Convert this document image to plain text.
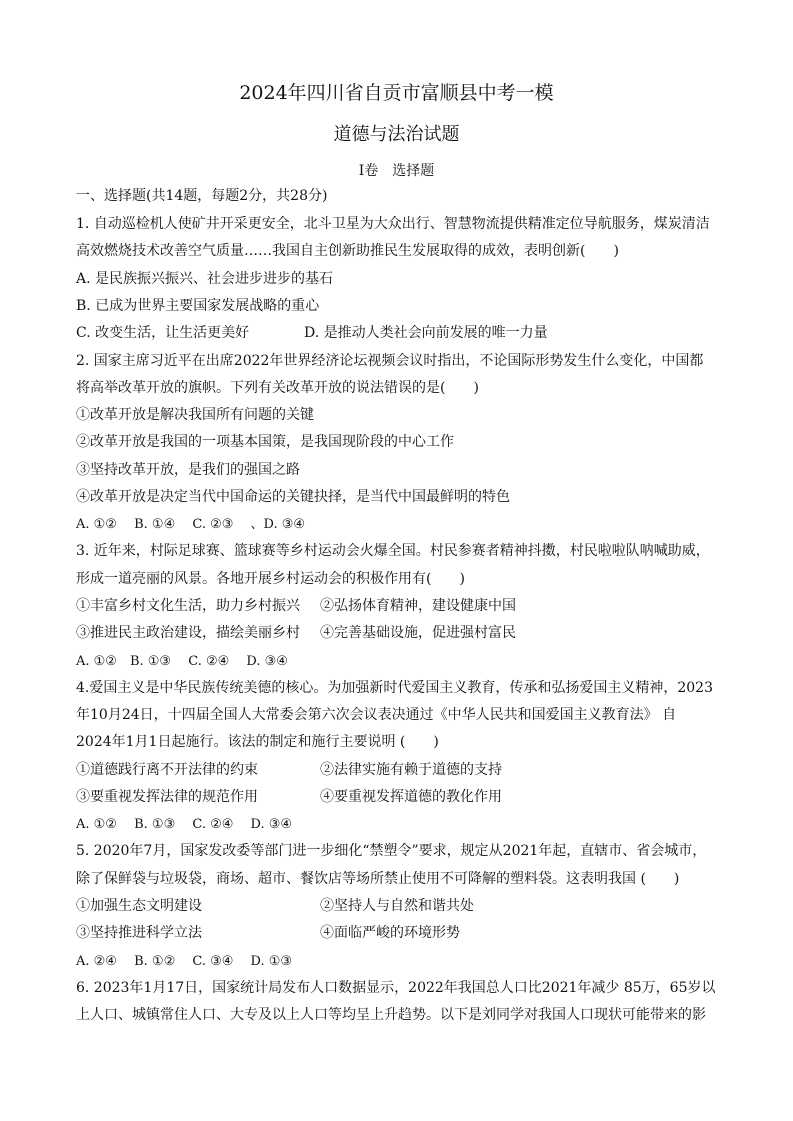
2024年四川省自贡市富顺县中考一模
道德与法治试题
Ⅰ卷　选择题
一、选择题(共14题，每题2分，共28分)
1. 自动巡检机人使矿井开采更安全，北斗卫星为大众出行、智慧物流提供精准定位导航服务，煤炭清洁
高效燃烧技术改善空气质量……我国自主创新助推民生发展取得的成效，表明创新(　　)
A. 是民族振兴振兴、社会进步进步的基石
B. 已成为世界主要国家发展战略的重心
C. 改变生活，让生活更美好	D. 是推动人类社会向前发展的唯一力量
2. 国家主席习近平在出席2022年世界经济论坛视频会议时指出，不论国际形势发生什么变化，中国都
将高举改革开放的旗帜。下列有关改革开放的说法错误的是(　　)
①改革开放是解决我国所有问题的关键
②改革开放是我国的一项基本国策，是我国现阶段的中心工作
③坚持改革开放，是我们的强国之路
④改革开放是决定当代中国命运的关键抉择，是当代中国最鲜明的特色
A. ①②　 B. ①④　 C. ②③　 、D. ③④
3. 近年来，村际足球赛、篮球赛等乡村运动会火爆全国。村民参赛者精神抖擞，村民啦啦队呐喊助威，
形成一道亮丽的风景。各地开展乡村运动会的积极作用有(　　)
①丰富乡村文化生活，助力乡村振兴 ②弘扬体育精神，建设健康中国
③推进民主政治建设，描绘美丽乡村 ④完善基础设施，促进强村富民
A. ①②　B. ①③　 C. ②④　 D. ③④
4.爱国主义是中华民族传统美德的核心。为加强新时代爱国主义教育，传承和弘扬爱国主义精神，2023
年10月24日，十四届全国人大常委会第六次会议表决通过《中华人民共和国爱国主义教育法》 自
2024年1月1日起施行。该法的制定和施行主要说明 (　　)
①道德践行离不开法律的约束	②法律实施有赖于道德的支持
③要重视发挥法律的规范作用	④要重视发挥道德的教化作用
A. ①②　 B. ①③　 C. ②④　 D. ③④
5. 2020年7月，国家发改委等部门进一步细化“禁塑令”要求，规定从2021年起，直辖市、省会城市，
除了保鲜袋与垃圾袋，商场、超市、餐饮店等场所禁止使用不可降解的塑料袋。这表明我国 (　　)
①加强生态文明建设	②坚持人与自然和谐共处
③坚持推进科学立法	④面临严峻的环境形势
A. ②④　 B. ①②　 C. ③④　 D. ①③
6. 2023年1月17日，国家统计局发布人口数据显示，2022年我国总人口比2021年减少 85万，65岁以
上人口、城镇常住人口、大专及以上人口等均呈上升趋势。以下是刘同学对我国人口现状可能带来的影
